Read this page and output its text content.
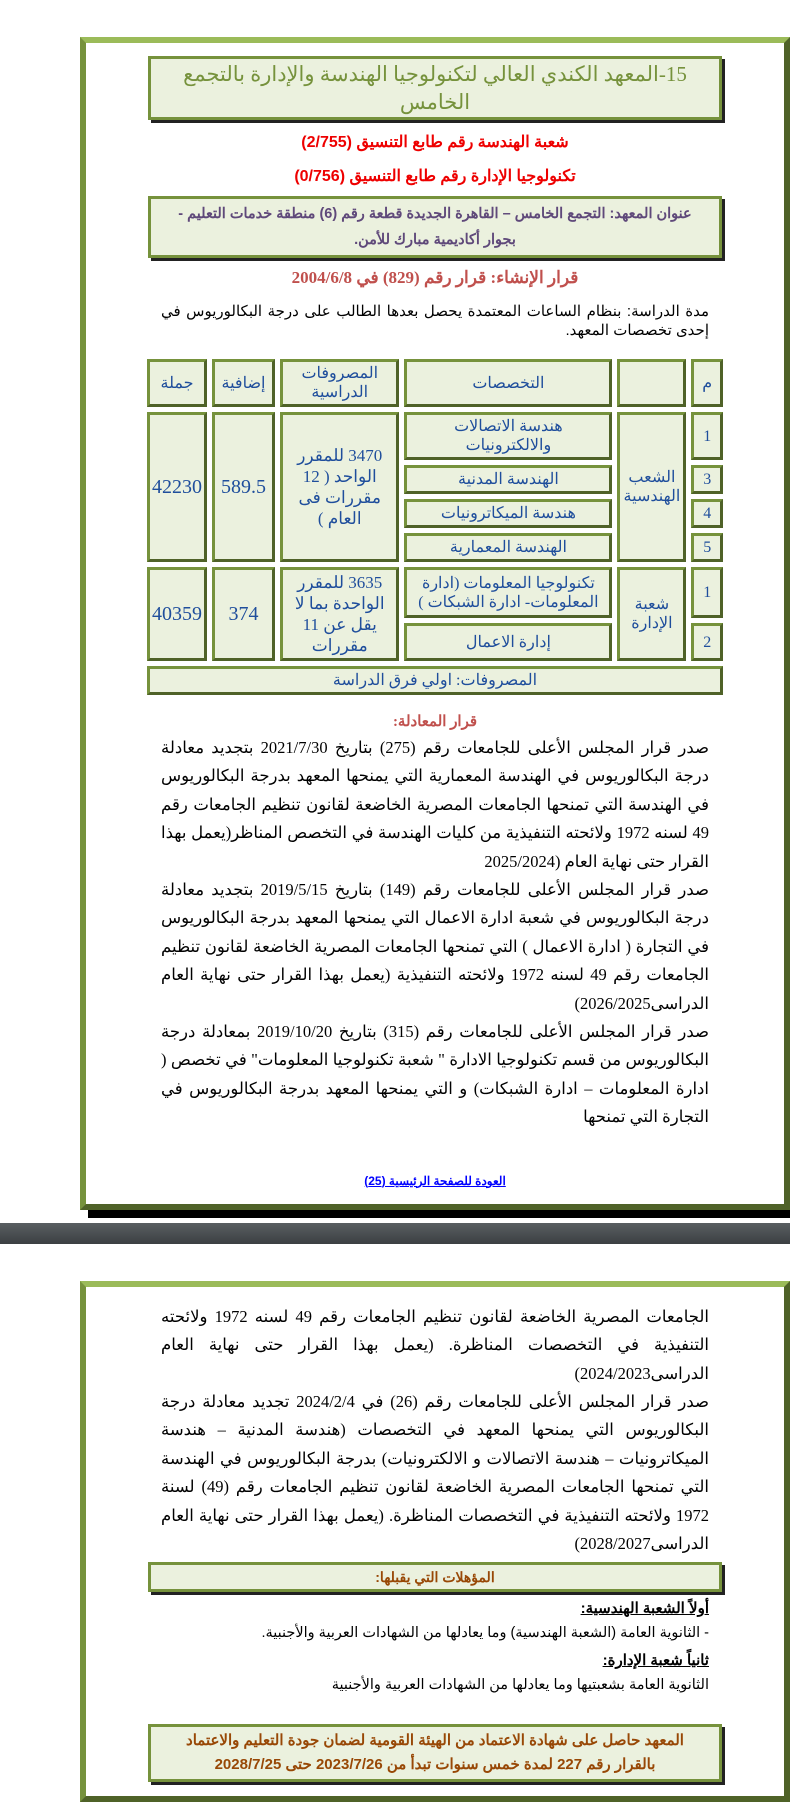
15-المعهد الكندي العالي لتكنولوجيا الهندسة والإدارة بالتجمع الخامس
شعبة الهندسة رقم طابع التنسيق (2/755)
تكنولوجيا الإدارة رقم طابع التنسيق (0/756)
عنوان المعهد: التجمع الخامس – القاهرة الجديدة قطعة رقم (6) منطقة خدمات التعليم - بجوار أكاديمية مبارك للأمن.
قرار الإنشاء: قرار رقم (829) في 2004/6/8
مدة الدراسة: بنظام الساعات المعتمدة يحصل بعدها الطالب على درجة البكالوريوس في إحدى تخصصات المعهد.
م		التخصصات	المصروفات الدراسية	إضافية	جملة
1	الشعب الهندسية	هندسة الاتصالات والالكترونيات	3470 للمقرر الواحد ( 12 مقررات فى العام )	589.5	42230
3		الهندسة المدنية			
4		هندسة الميكاترونيات			
5		الهندسة المعمارية			
1	شعبة الإدارة	تكنولوجيا المعلومات (ادارة المعلومات- ادارة الشبكات )	3635 للمقرر الواحدة بما لا يقل عن 11 مقررات	374	40359
2		إدارة الاعمال			
المصروفات: اولي فرق الدراسة					
قرار المعادلة:
صدر قرار المجلس الأعلى للجامعات رقم (275) بتاريخ 2021/7/30 بتجديد معادلة درجة البكالوريوس في الهندسة المعمارية التي يمنحها المعهد بدرجة البكالوريوس في الهندسة التي تمنحها الجامعات المصرية الخاضعة لقانون تنظيم الجامعات رقم 49 لسنه 1972 ولائحته التنفيذية من كليات الهندسة في التخصص المناظر(يعمل بهذا القرار حتى نهاية العام (2025/2024
صدر قرار المجلس الأعلى للجامعات رقم (149) بتاريخ 2019/5/15 بتجديد معادلة درجة البكالوريوس في شعبة ادارة الاعمال التي يمنحها المعهد بدرجة البكالوريوس في التجارة ( ادارة الاعمال ) التي تمنحها الجامعات المصرية الخاضعة لقانون تنظيم الجامعات رقم 49 لسنه 1972 ولائحته التنفيذية (يعمل بهذا القرار حتى نهاية العام الدراسى2026/2025)
صدر قرار المجلس الأعلى للجامعات رقم (315) بتاريخ 2019/10/20 بمعادلة درجة البكالوريوس من قسم تكنولوجيا الادارة " شعبة تكنولوجيا المعلومات" في تخصص ( ادارة المعلومات – ادارة الشبكات) و التي يمنحها المعهد بدرجة البكالوريوس في التجارة التي تمنحها
العودة للصفحة الرئيسية (25)
الجامعات المصرية الخاضعة لقانون تنظيم الجامعات رقم 49 لسنه 1972 ولائحته التنفيذية في التخصصات المناظرة. (يعمل بهذا القرار حتى نهاية العام الدراسى2024/2023)
صدر قرار المجلس الأعلى للجامعات رقم (26) في 2024/2/4 تجديد معادلة درجة البكالوريوس التي يمنحها المعهد في التخصصات (هندسة المدنية – هندسة الميكاترونيات – هندسة الاتصالات و الالكترونيات) بدرجة البكالوريوس في الهندسة التي تمنحها الجامعات المصرية الخاضعة لقانون تنظيم الجامعات رقم (49) لسنة 1972 ولائحته التنفيذية في التخصصات المناظرة. (يعمل بهذا القرار حتى نهاية العام الدراسى2028/2027)
المؤهلات التي يقبلها:
أولاً الشعبة الهندسية:
- الثانوية العامة (الشعبة الهندسية) وما يعادلها من الشهادات العربية والأجنبية.
ثانياً شعبة الإدارة:
الثانوية العامة بشعبتيها وما يعادلها من الشهادات العربية والأجنبية
المعهد حاصل على شهادة الاعتماد من الهيئة القومية لضمان جودة التعليم والاعتماد
بالقرار رقم 227 لمدة خمس سنوات تبدأ من 2023/7/26 حتى 2028/7/25
